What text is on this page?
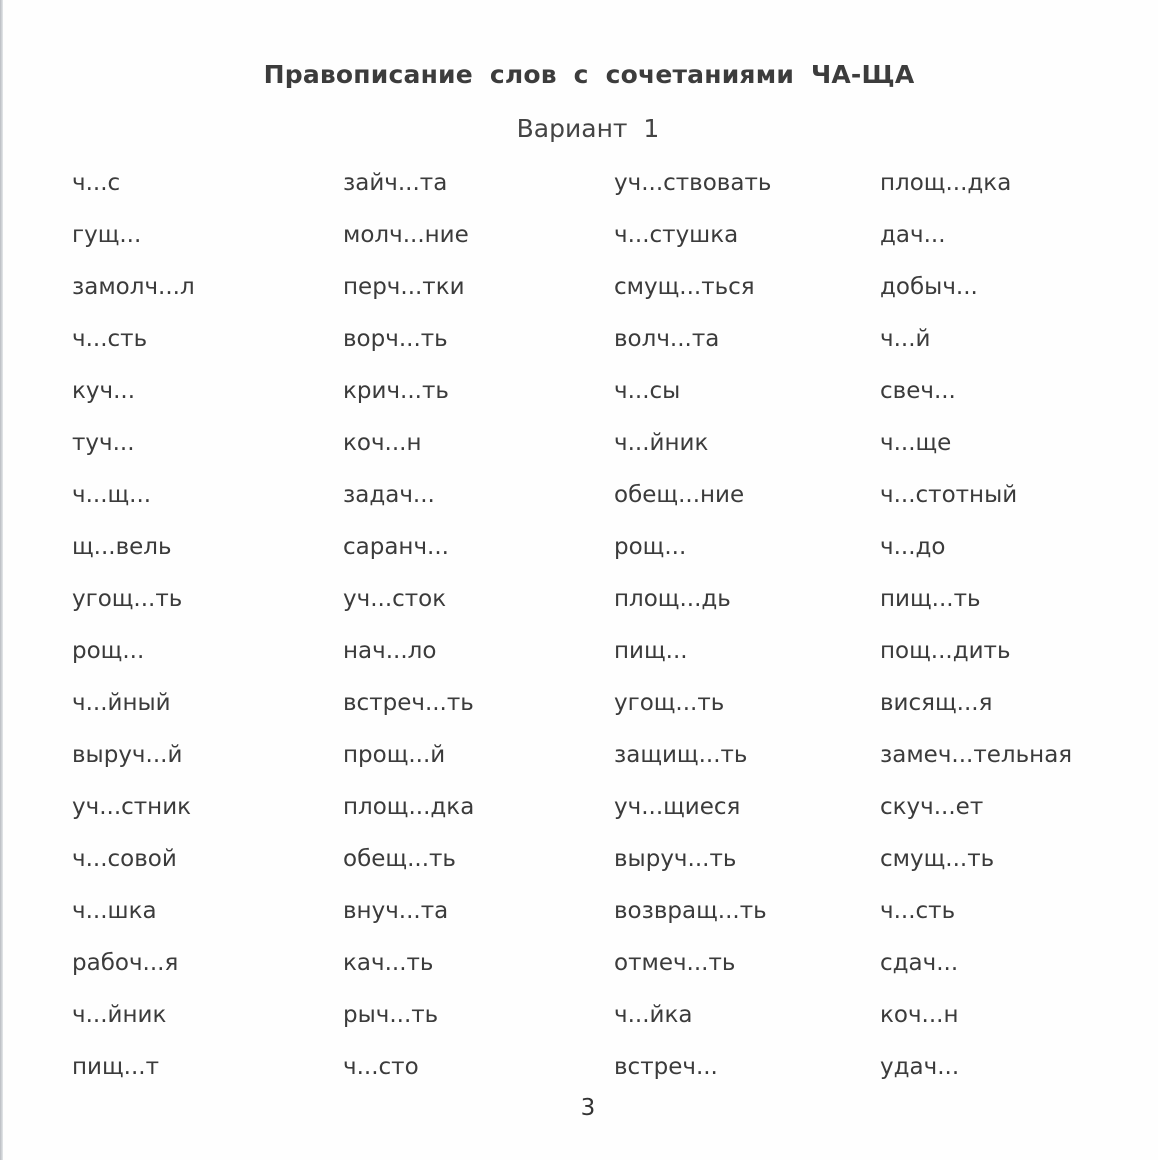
Правописание слов с сочетаниями ЧА-ЩА
Вариант 1
ч...с
гущ...
замолч...л
ч...сть
куч...
туч...
ч...щ...
щ...вель
угощ...ть
рощ...
ч...йный
выруч...й
уч...стник
ч...совой
ч...шка
рабоч...я
ч...йник
пищ...т
зайч...та
молч...ние
перч...тки
ворч...ть
крич...ть
коч...н
задач...
саранч...
уч...сток
нач...ло
встреч...ть
прощ...й
площ...дка
обещ...ть
внуч...та
кач...ть
рыч...ть
ч...сто
уч...ствовать
ч...стушка
смущ...ться
волч...та
ч...сы
ч...йник
обещ...ние
рощ...
площ...дь
пищ...
угощ...ть
защищ...ть
уч...щиеся
выруч...ть
возвращ...ть
отмеч...ть
ч...йка
встреч...
площ...дка
дач...
добыч...
ч...й
свеч...
ч...ще
ч...стотный
ч...до
пищ...ть
пощ...дить
висящ...я
замеч...тельная
скуч...ет
смущ...ть
ч...сть
сдач...
коч...н
удач...
3
